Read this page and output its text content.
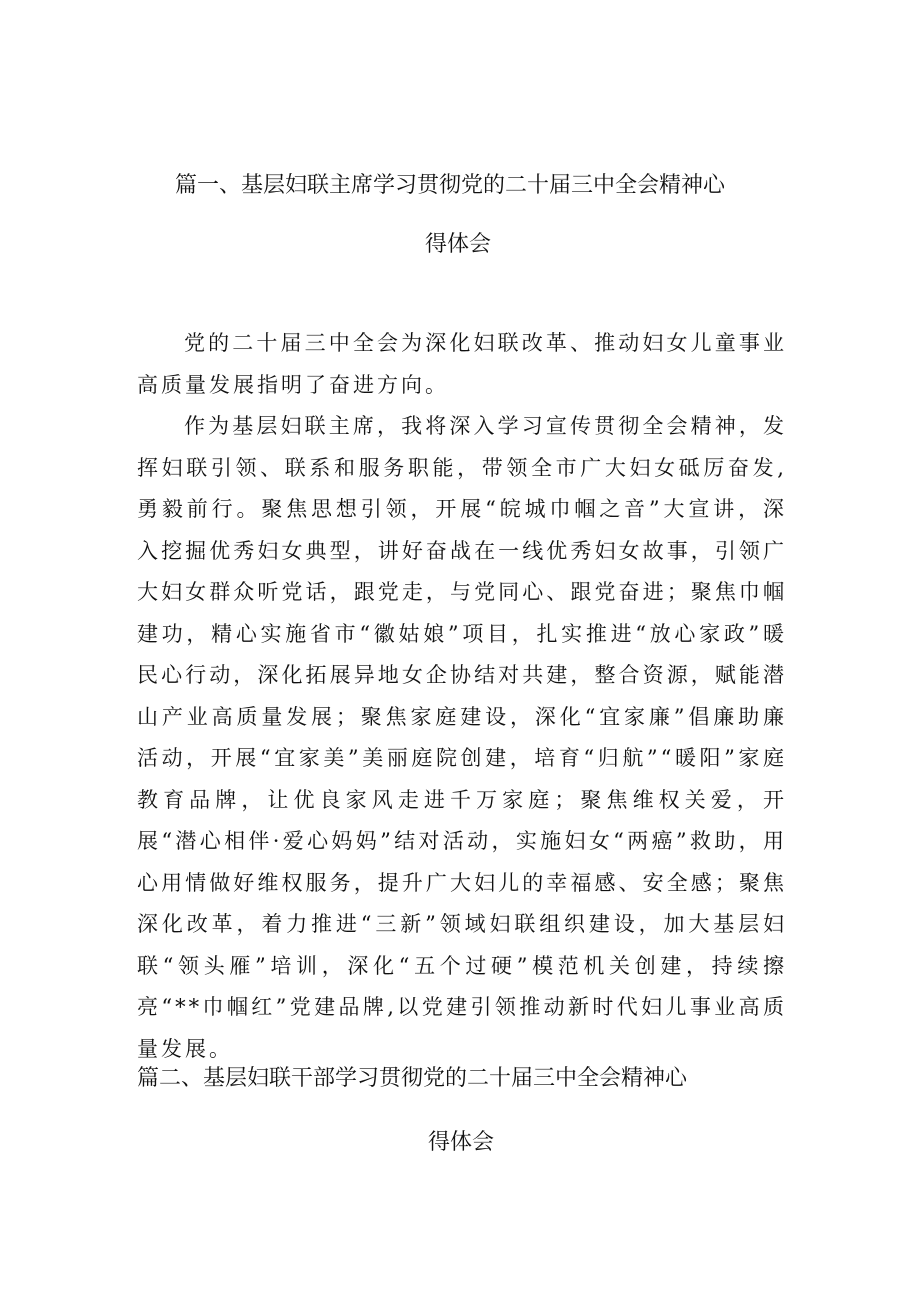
篇一、基层妇联主席学习贯彻党的二十届三中全会精神心
得体会

党的二十届三中全会为深化妇联改革、推动妇女儿童事业高质量发展指明了奋进方向。

作为基层妇联主席，我将深入学习宣传贯彻全会精神，发挥妇联引领、联系和服务职能，带领全市广大妇女砥厉奋发,勇毅前行。聚焦思想引领，开展“皖城巾帼之音”大宣讲，深入挖掘优秀妇女典型，讲好奋战在一线优秀妇女故事，引领广大妇女群众听党话，跟党走，与党同心、跟党奋进；聚焦巾帼建功，精心实施省市“徽姑娘”项目，扎实推进“放心家政”暖民心行动，深化拓展异地女企协结对共建，整合资源，赋能潜山产业高质量发展；聚焦家庭建设，深化“宜家廉”倡廉助廉活动，开展“宜家美”美丽庭院创建，培育“归航”“暖阳”家庭教育品牌，让优良家风走进千万家庭；聚焦维权关爱，开展“潜心相伴·爱心妈妈”结对活动，实施妇女“两癌”救助，用心用情做好维权服务，提升广大妇儿的幸福感、安全感；聚焦深化改革，着力推进“三新”领域妇联组织建设，加大基层妇联“领头雁”培训，深化“五个过硬”模范机关创建，持续擦亮“**巾帼红”党建品牌,以党建引领推动新时代妇儿事业高质量发展。

篇二、基层妇联干部学习贯彻党的二十届三中全会精神心
得体会
